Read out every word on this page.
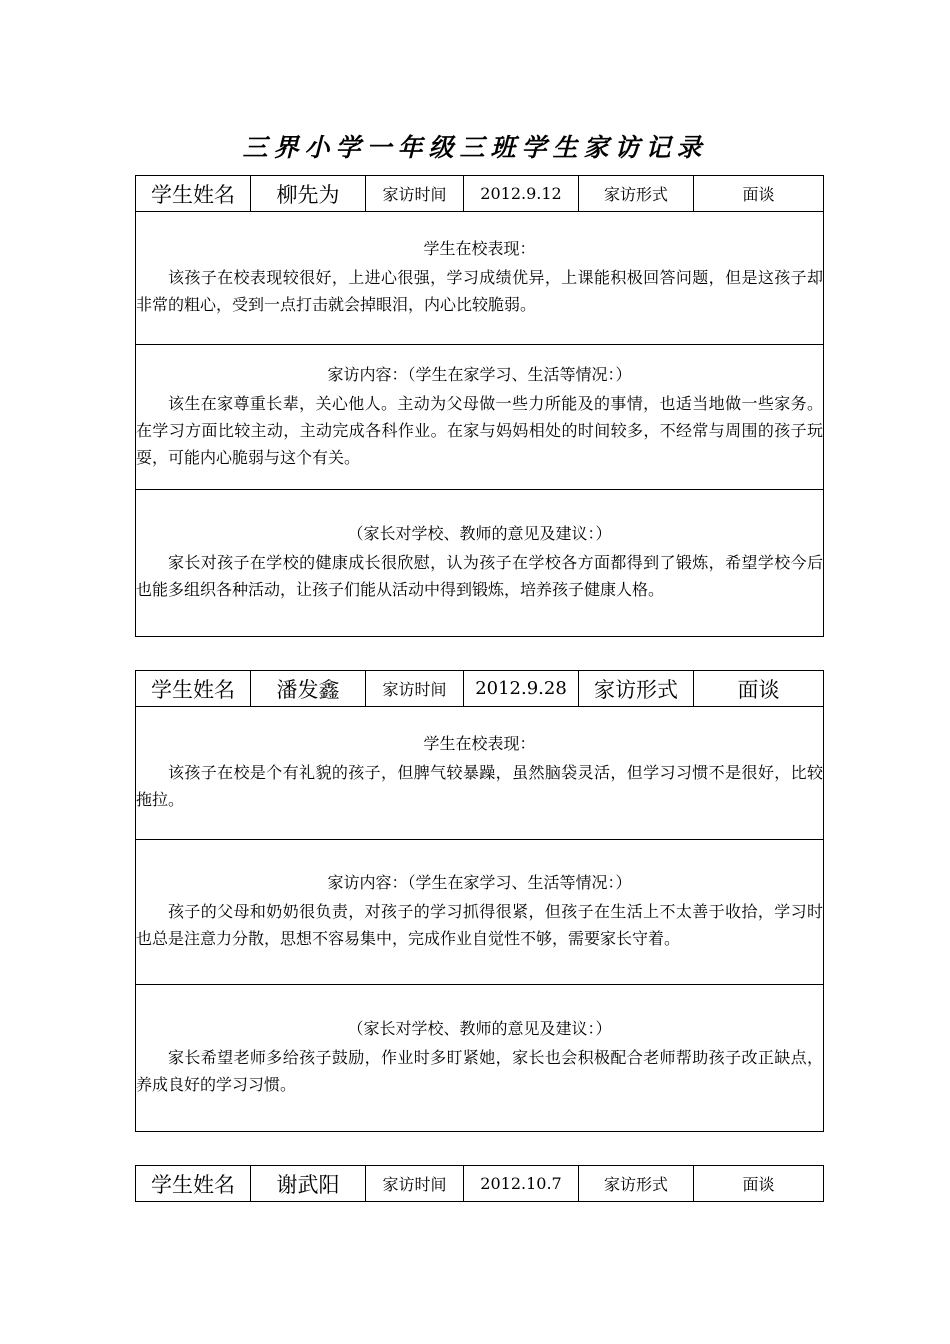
三界小学一年级三班学生家访记录
学生姓名	柳先为	家访时间	2012.9.12	家访形式	面谈

学生在校表现：
该孩子在校表现较很好，上进心很强，学习成绩优异，上课能积极回答问题，但是这孩子却非常的粗心，受到一点打击就会掉眼泪，内心比较脆弱。

家访内容：（学生在家学习、生活等情况：）
该生在家尊重长辈，关心他人。主动为父母做一些力所能及的事情，也适当地做一些家务。在学习方面比较主动，主动完成各科作业。在家与妈妈相处的时间较多，不经常与周围的孩子玩耍，可能内心脆弱与这个有关。

（家长对学校、教师的意见及建议：）
家长对孩子在学校的健康成长很欣慰，认为孩子在学校各方面都得到了锻炼，希望学校今后也能多组织各种活动，让孩子们能从活动中得到锻炼，培养孩子健康人格。
学生姓名	潘发鑫	家访时间	2012.9.28	家访形式	面谈

学生在校表现：
该孩子在校是个有礼貌的孩子，但脾气较暴躁，虽然脑袋灵活，但学习习惯不是很好，比较拖拉。

家访内容：（学生在家学习、生活等情况：）
孩子的父母和奶奶很负责，对孩子的学习抓得很紧，但孩子在生活上不太善于收拾，学习时也总是注意力分散，思想不容易集中，完成作业自觉性不够，需要家长守着。

（家长对学校、教师的意见及建议：）
家长希望老师多给孩子鼓励，作业时多盯紧她，家长也会积极配合老师帮助孩子改正缺点，养成良好的学习习惯。
学生姓名	谢武阳	家访时间	2012.10.7	家访形式	面谈
